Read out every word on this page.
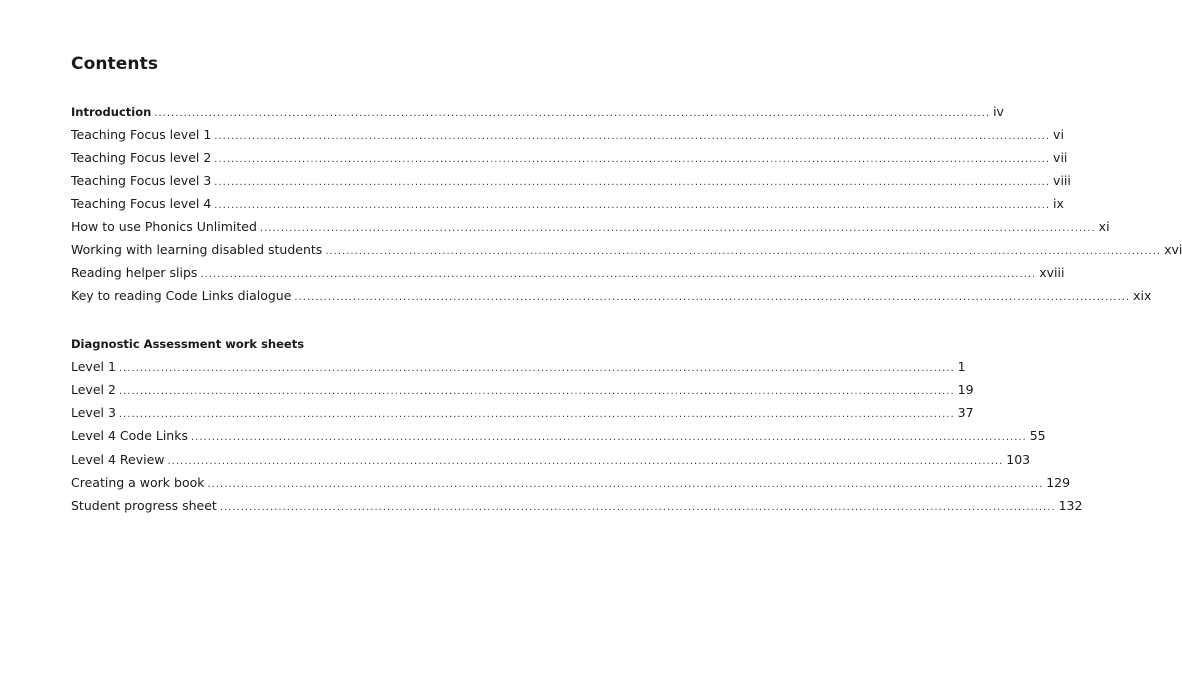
Contents
Introduction ........................................................................................................................................................................................................ iv
Teaching Focus level 1 ........................................................................................................................................................................................................ vi
Teaching Focus level 2 ........................................................................................................................................................................................................ vii
Teaching Focus level 3 ........................................................................................................................................................................................................ viii
Teaching Focus level 4 ........................................................................................................................................................................................................ ix
How to use Phonics Unlimited ........................................................................................................................................................................................................ xi
Working with learning disabled students ........................................................................................................................................................................................................ xvi
Reading helper slips ........................................................................................................................................................................................................ xviii
Key to reading Code Links dialogue ........................................................................................................................................................................................................ xix
Diagnostic Assessment work sheets
Level 1 ........................................................................................................................................................................................................ 1
Level 2 ........................................................................................................................................................................................................ 19
Level 3 ........................................................................................................................................................................................................ 37
Level 4 Code Links ........................................................................................................................................................................................................ 55
Level 4 Review ........................................................................................................................................................................................................ 103
Creating a work book ........................................................................................................................................................................................................ 129
Student progress sheet ........................................................................................................................................................................................................ 132
